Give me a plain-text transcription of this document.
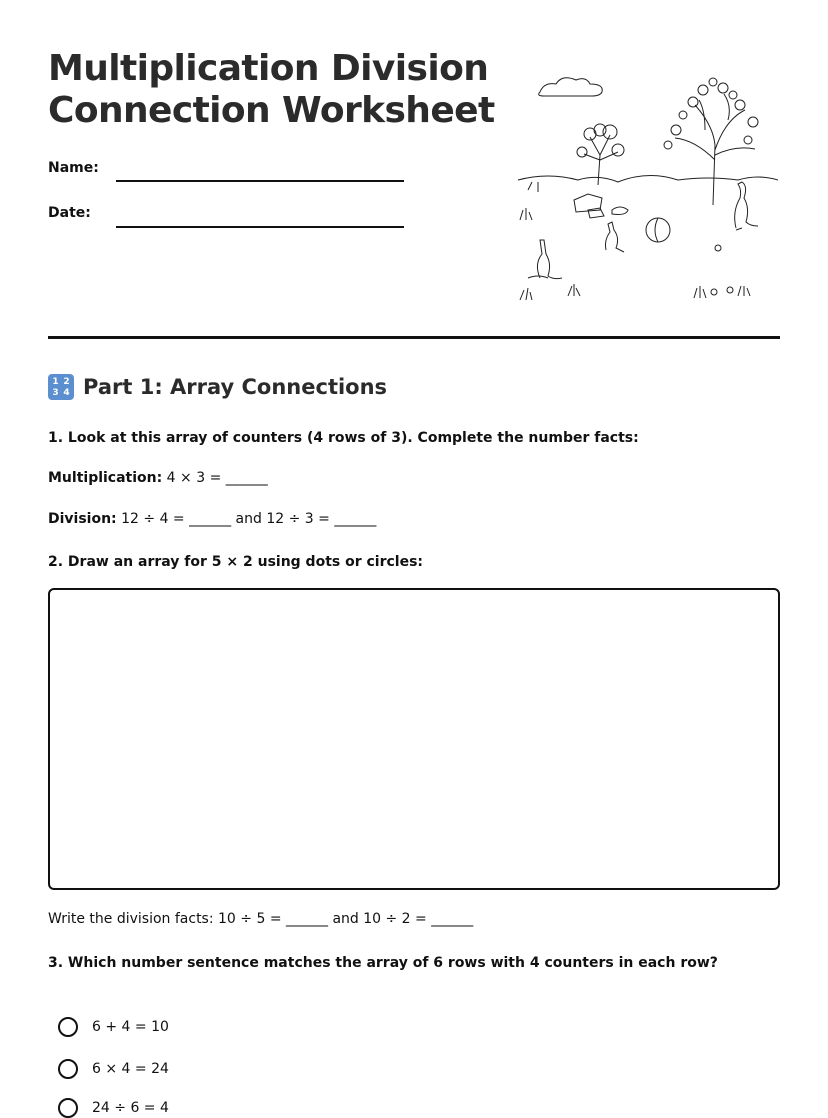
Multiplication Division
Connection Worksheet
Name:
Date:
1 2
3 4 Part 1: Array Connections
1. Look at this array of counters (4 rows of 3). Complete the number facts:
Multiplication: 4 × 3 = ______
Division: 12 ÷ 4 = ______ and 12 ÷ 3 = ______
2. Draw an array for 5 × 2 using dots or circles:
Write the division facts: 10 ÷ 5 = ______ and 10 ÷ 2 = ______
3. Which number sentence matches the array of 6 rows with 4 counters in each row?
6 + 4 = 10
6 × 4 = 24
24 ÷ 6 = 4
